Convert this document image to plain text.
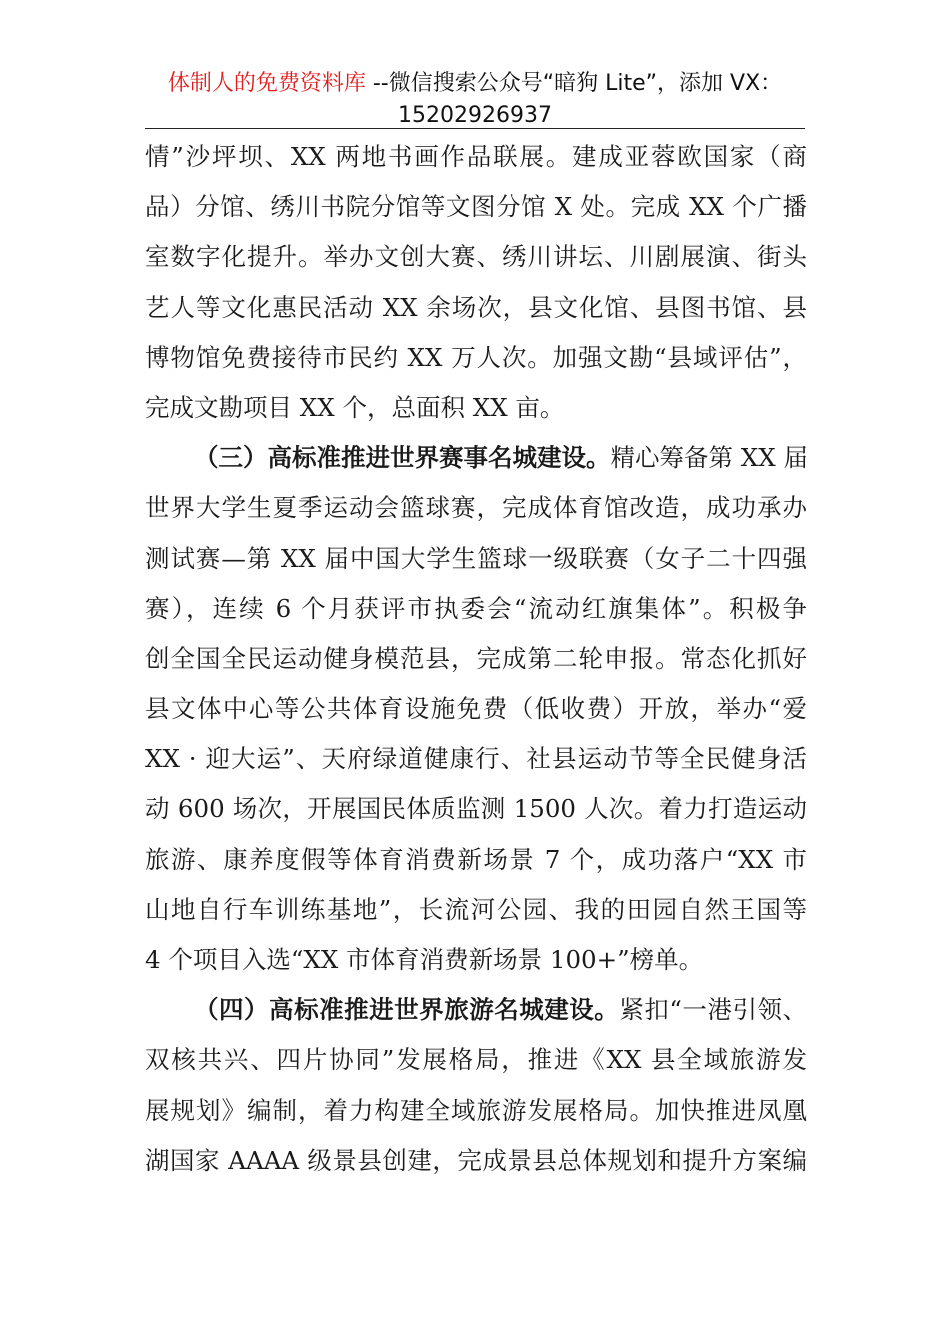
体制人的免费资料库 --微信搜索公众号“暗狗 Lite”，添加 VX：
15202926937
情”沙坪坝、XX 两地书画作品联展。建成亚蓉欧国家（商
品）分馆、绣川书院分馆等文图分馆 X 处。完成 XX 个广播
室数字化提升。举办文创大赛、绣川讲坛、川剧展演、街头
艺人等文化惠民活动 XX 余场次，县文化馆、县图书馆、县
博物馆免费接待市民约 XX 万人次。加强文勘“县域评估”，
完成文勘项目 XX 个，总面积 XX 亩。
（三）高标准推进世界赛事名城建设。精心筹备第 XX 届
世界大学生夏季运动会篮球赛，完成体育馆改造，成功承办
测试赛—第 XX 届中国大学生篮球一级联赛（女子二十四强
赛），连续 6 个月获评市执委会“流动红旗集体”。积极争
创全国全民运动健身模范县，完成第二轮申报。常态化抓好
县文体中心等公共体育设施免费（低收费）开放，举办“爱
XX · 迎大运”、天府绿道健康行、社县运动节等全民健身活
动 600 场次，开展国民体质监测 1500 人次。着力打造运动
旅游、康养度假等体育消费新场景 7 个，成功落户“XX 市
山地自行车训练基地”，长流河公园、我的田园自然王国等
4 个项目入选“XX 市体育消费新场景 100+”榜单。
（四）高标准推进世界旅游名城建设。紧扣“一港引领、
双核共兴、四片协同”发展格局，推进《XX 县全域旅游发
展规划》编制，着力构建全域旅游发展格局。加快推进凤凰
湖国家 AAAA 级景县创建，完成景县总体规划和提升方案编
